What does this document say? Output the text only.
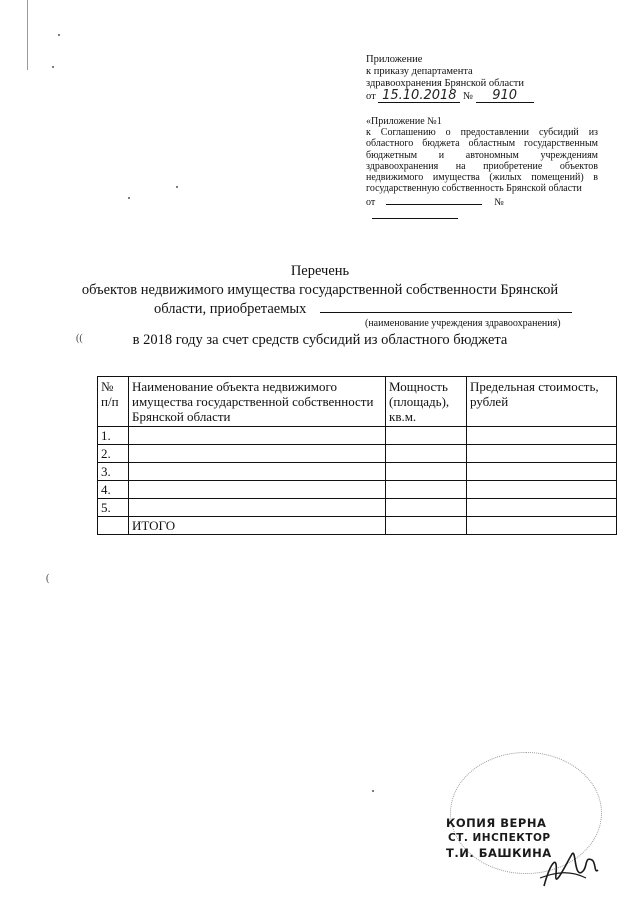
((
(
Приложение
к приказу департамента
здравоохранения Брянской области
от 15.10.2018 № 910
«Приложение №1
к Соглашению о предоставлении субсидий из
областного бюджета областным государственным
бюджетным и автономным учреждениям
здравоохранения на приобретение объектов
недвижимого имущества (жилых помещений) в
государственную собственность Брянской области
от	№
Перечень
объектов недвижимого имущества государственной собственности Брянской
области, приобретаемых
(наименование учреждения здравоохранения)
в 2018 году за счет средств субсидий из областного бюджета
№ п/п	Наименование объекта недвижимого имущества государственной собственности Брянской области	Мощность (площадь), кв.м.	Предельная стоимость, рублей
1.			
2.			
3.			
4.			
5.			
	ИТОГО		
КОПИЯ ВЕРНА
СТ. ИНСПЕКТОР
Т.И. БАШКИНА
